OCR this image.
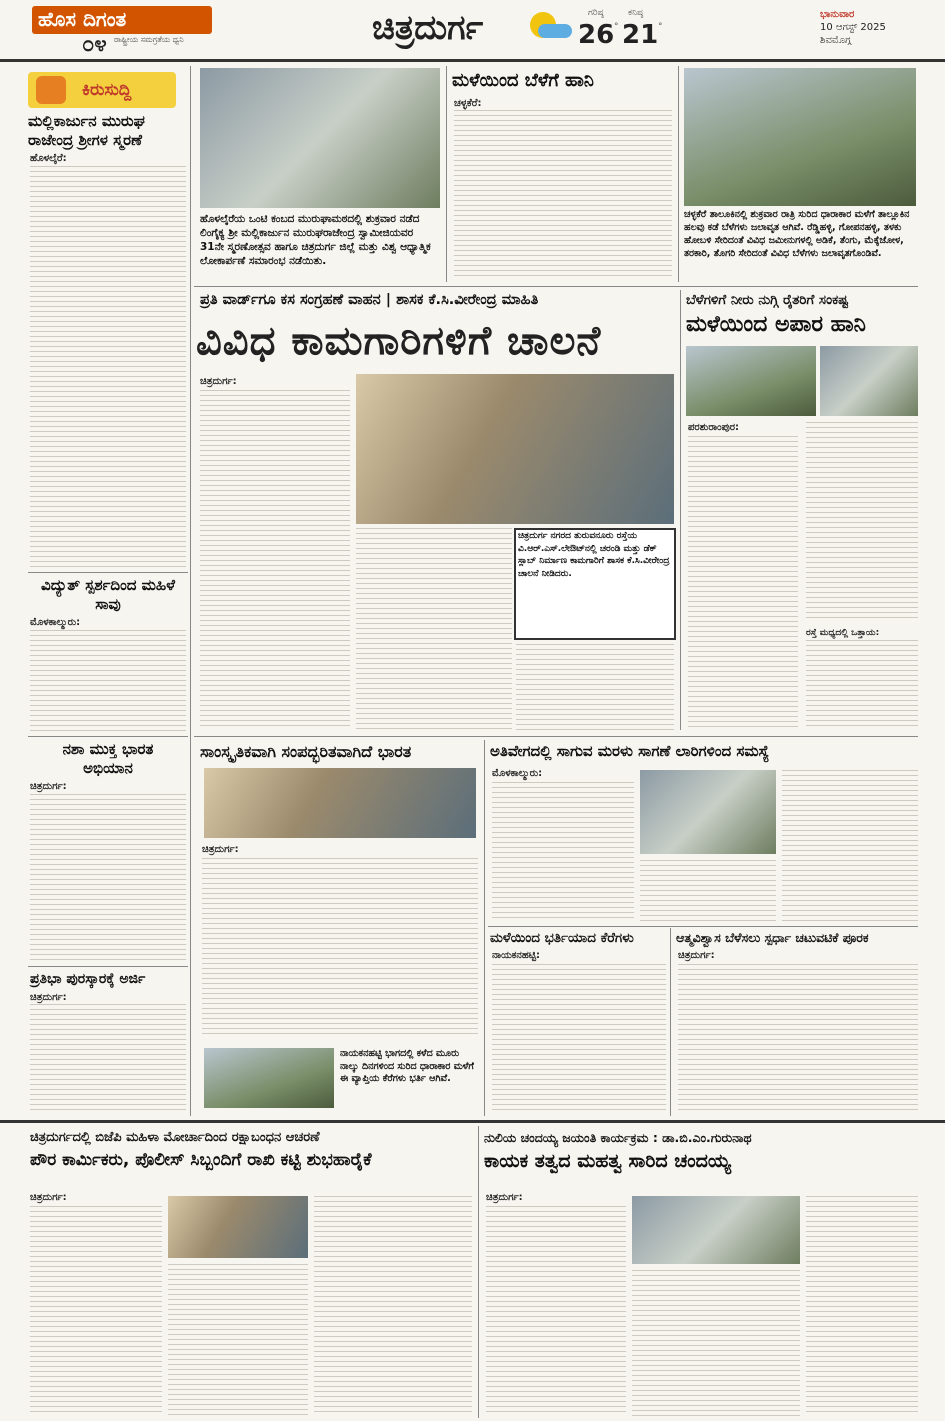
ಹೊಸ ದಿಗಂತ
೦೪ ರಾಷ್ಟ್ರೀಯ ಸಮಗ್ರತೆಯ ಧ್ವನಿ	ಚಿತ್ರದುರ್ಗ	ಗರಿಷ್ಠ
26 °
ಕನಿಷ್ಠ
21 °
ಭಾನುವಾರ
10 ಆಗಸ್ಟ್ 2025
ಶಿವಮೊಗ್ಗ
ಕಿರುಸುದ್ದಿ
ಮಲ್ಲಿಕಾರ್ಜುನ ಮುರುಘ ರಾಜೇಂದ್ರ ಶ್ರೀಗಳ ಸ್ಮರಣೆ
ಹೊಳಲ್ಕೆರೆ:
ವಿದ್ಯುತ್ ಸ್ಪರ್ಶದಿಂದ ಮಹಿಳೆ ಸಾವು
ಮೊಳಕಾಲ್ಮುರು:
ನಶಾ ಮುಕ್ತ ಭಾರತ ಅಭಿಯಾನ
ಚಿತ್ರದುರ್ಗ:
ಪ್ರತಿಭಾ ಪುರಸ್ಕಾರಕ್ಕೆ ಅರ್ಜಿ
ಚಿತ್ರದುರ್ಗ:
ಹೊಳಲ್ಕೆರೆಯ ಒಂಟಿ ಕಂಬದ ಮುರುಘಾಮಠದಲ್ಲಿ ಶುಕ್ರವಾರ ನಡೆದ ಲಿಂಗೈಕ್ಯ ಶ್ರೀ ಮಲ್ಲಿಕಾರ್ಜುನ ಮುರುಘರಾಜೇಂದ್ರ ಸ್ವಾಮೀಜಿಯವರ 31ನೇ ಸ್ಮರಣೋತ್ಸವ ಹಾಗೂ ಚಿತ್ರದುರ್ಗ ಜಿಲ್ಲೆ ಮತ್ತು ವಿಶ್ವ ಆಧ್ಯಾತ್ಮಿಕ ಲೋಕಾರ್ಪಣೆ ಸಮಾರಂಭ ನಡೆಯಿತು.
ಮಳೆಯಿಂದ ಬೆಳೆಗೆ ಹಾನಿ
ಚಳ್ಳಕೆರೆ:
ಚಳ್ಳಕೆರೆ ತಾಲೂಕಿನಲ್ಲಿ ಶುಕ್ರವಾರ ರಾತ್ರಿ ಸುರಿದ ಧಾರಾಕಾರ ಮಳೆಗೆ ತಾಲ್ಲೂಕಿನ ಹಲವು ಕಡೆ ಬೆಳೆಗಳು ಜಲಾವೃತ ಆಗಿವೆ. ರೆಡ್ಡಿಹಳ್ಳಿ, ಗೋಪನಹಳ್ಳಿ, ತಳಕು ಹೋಬಳಿ ಸೇರಿದಂತೆ ವಿವಿಧ ಜಮೀನುಗಳಲ್ಲಿ ಅಡಿಕೆ, ತೆಂಗು, ಮೆಕ್ಕೆಜೋಳ, ತರಕಾರಿ, ತೊಗರಿ ಸೇರಿದಂತೆ ವಿವಿಧ ಬೆಳೆಗಳು ಜಲಾವೃತಗೊಂಡಿವೆ.
ಪ್ರತಿ ವಾರ್ಡ್‌ಗೂ ಕಸ ಸಂಗ್ರಹಣೆ ವಾಹನ | ಶಾಸಕ ಕೆ.ಸಿ.ವೀರೇಂದ್ರ ಮಾಹಿತಿ
ವಿವಿಧ ಕಾಮಗಾರಿಗಳಿಗೆ ಚಾಲನೆ
ಚಿತ್ರದುರ್ಗ:
ಚಿತ್ರದುರ್ಗ ನಗರದ ತುರುವನೂರು ರಸ್ತೆಯ ವಿ.ಆರ್.ಎಸ್.ಲೇಔಟ್‌ನಲ್ಲಿ ಚರಂಡಿ ಮತ್ತು ಡೆಕ್ ಸ್ಲಾಬ್ ನಿರ್ಮಾಣ ಕಾಮಗಾರಿಗೆ ಶಾಸಕ ಕೆ.ಸಿ.ವೀರೇಂದ್ರ ಚಾಲನೆ ನೀಡಿದರು.
ಬೆಳೆಗಳಿಗೆ ನೀರು ನುಗ್ಗಿ ರೈತರಿಗೆ ಸಂಕಷ್ಟ
ಮಳೆಯಿಂದ ಅಪಾರ ಹಾನಿ
ಪರಶುರಾಂಪುರ:
ರಸ್ತೆ ಮಧ್ಯದಲ್ಲಿ ಒತ್ತಾಯ:
ಸಾಂಸ್ಕೃತಿಕವಾಗಿ ಸಂಪದ್ಭರಿತವಾಗಿದೆ ಭಾರತ
ಚಿತ್ರದುರ್ಗ:
ನಾಯಕನಹಟ್ಟಿ ಭಾಗದಲ್ಲಿ ಕಳೆದ ಮೂರು ನಾಲ್ಕು ದಿನಗಳಿಂದ ಸುರಿದ ಧಾರಾಕಾರ ಮಳೆಗೆ ಈ ವ್ಯಾಪ್ತಿಯ ಕೆರೆಗಳು ಭರ್ತಿ ಆಗಿವೆ.
ಅತಿವೇಗದಲ್ಲಿ ಸಾಗುವ ಮರಳು ಸಾಗಣೆ ಲಾರಿಗಳಿಂದ ಸಮಸ್ಯೆ
ಮೊಳಕಾಲ್ಮುರು:
ಮಳೆಯಿಂದ ಭರ್ತಿಯಾದ ಕೆರೆಗಳು
ನಾಯಕನಹಟ್ಟಿ:
ಆತ್ಮವಿಶ್ವಾಸ ಬೆಳೆಸಲು ಸ್ಪರ್ಧಾ ಚಟುವಟಿಕೆ ಪೂರಕ
ಚಿತ್ರದುರ್ಗ:
ಚಿತ್ರದುರ್ಗದಲ್ಲಿ ಬಿಜೆಪಿ ಮಹಿಳಾ ಮೋರ್ಚಾದಿಂದ ರಕ್ಷಾಬಂಧನ ಆಚರಣೆ
ಪೌರ ಕಾರ್ಮಿಕರು, ಪೊಲೀಸ್ ಸಿಬ್ಬಂದಿಗೆ ರಾಖಿ ಕಟ್ಟಿ ಶುಭಹಾರೈಕೆ
ಚಿತ್ರದುರ್ಗ:
ನುಲಿಯ ಚಂದಯ್ಯ ಜಯಂತಿ ಕಾರ್ಯಕ್ರಮ : ಡಾ.ಬಿ.ಎಂ.ಗುರುನಾಥ
ಕಾಯಕ ತತ್ವದ ಮಹತ್ವ ಸಾರಿದ ಚಂದಯ್ಯ
ಚಿತ್ರದುರ್ಗ:
